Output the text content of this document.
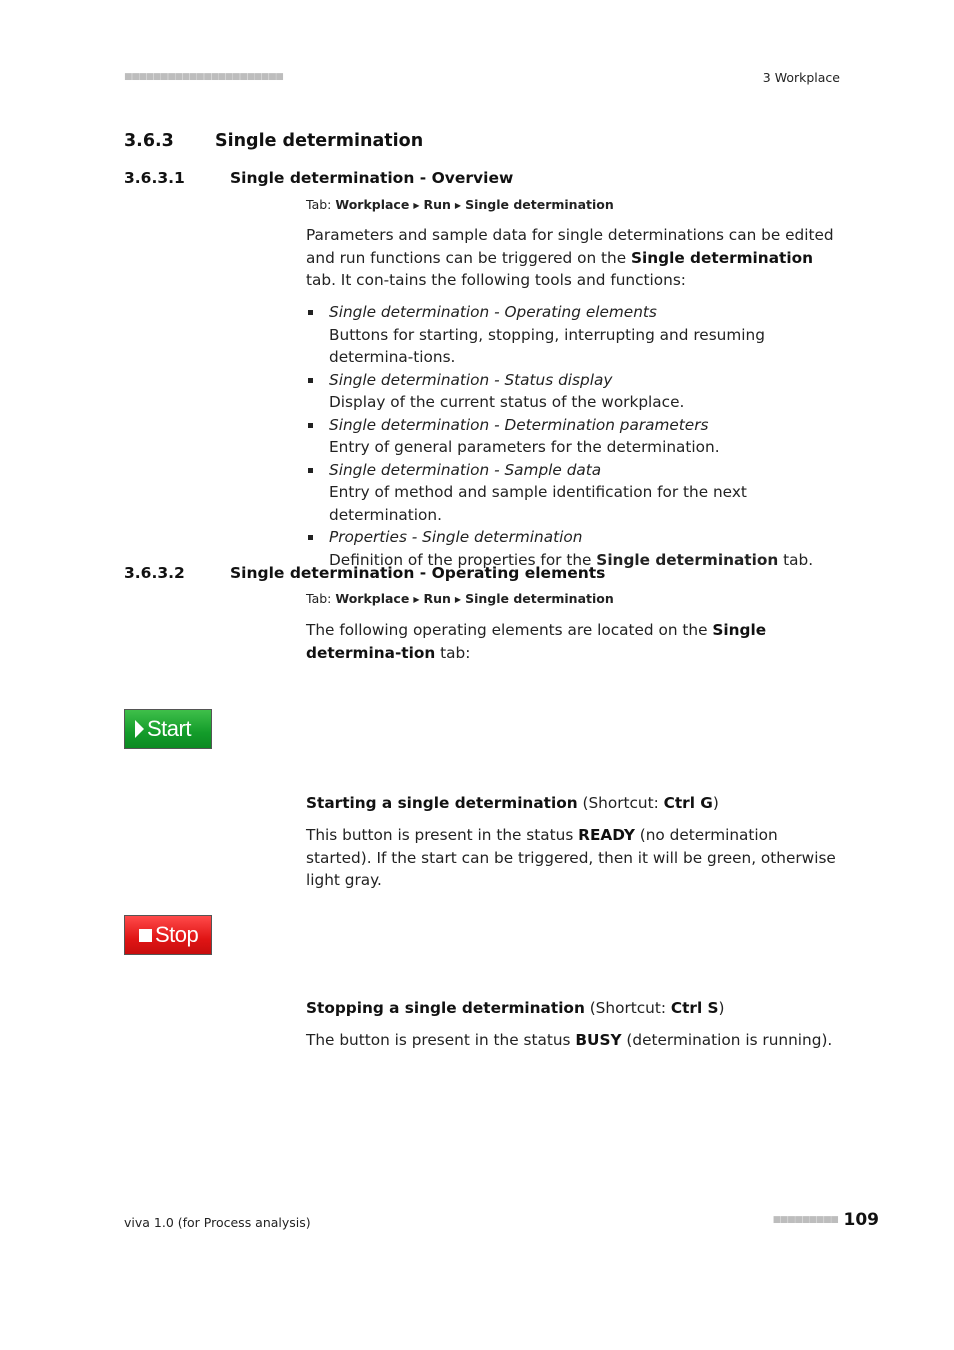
■■■■■■■■■■■■■■■■■■■■■■	3 Workplace
3.6.3 Single determination
3.6.3.1	Single determination - Overview
Tab: Workplace ▶ Run ▶ Single determination
Parameters and sample data for single determinations can be edited and run functions can be triggered on the Single determination tab. It con-tains the following tools and functions:
Single determination - Operating elements
Buttons for starting, stopping, interrupting and resuming determina-tions.
Single determination - Status display
Display of the current status of the workplace.
Single determination - Determination parameters
Entry of general parameters for the determination.
Single determination - Sample data
Entry of method and sample identification for the next determination.
Properties - Single determination
Definition of the properties for the Single determination tab.
3.6.3.2	Single determination - Operating elements
Tab: Workplace ▶ Run ▶ Single determination
The following operating elements are located on the Single determina-tion tab:
Start
Starting a single determination (Shortcut: Ctrl G)
This button is present in the status READY (no determination started). If the start can be triggered, then it will be green, otherwise light gray.
Stop
Stopping a single determination (Shortcut: Ctrl S)
The button is present in the status BUSY (determination is running).
viva 1.0 (for Process analysis)	■■■■■■■■■ 109
